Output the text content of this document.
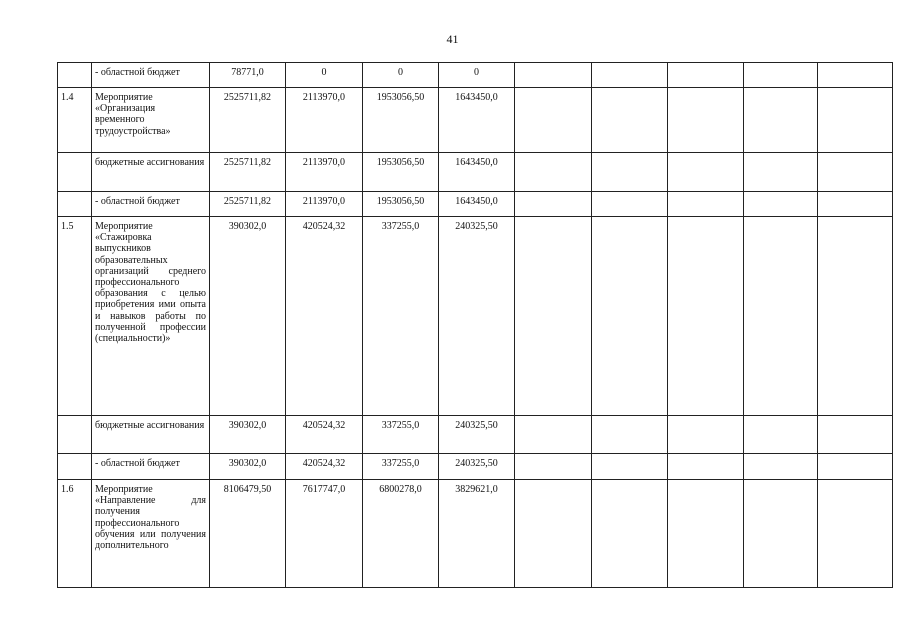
41
	- областной бюджет	78771,0	0	0	0					
1.4	Мероприятие «Организация временного трудоустройства»	2525711,82	2113970,0	1953056,50	1643450,0					
	бюджетные ассигнования	2525711,82	2113970,0	1953056,50	1643450,0					
	- областной бюджет	2525711,82	2113970,0	1953056,50	1643450,0					
1.5	Мероприятие «Стажировка выпускников образовательных организаций среднего профессионального образования с целью приобретения ими опыта и навыков работы по полученной профессии (специальности)»	390302,0	420524,32	337255,0	240325,50					
	бюджетные ассигнования	390302,0	420524,32	337255,0	240325,50					
	- областной бюджет	390302,0	420524,32	337255,0	240325,50					
1.6	Мероприятие «Направление для получения профессионального обучения или получения дополнительного	8106479,50	7617747,0	6800278,0	3829621,0					
